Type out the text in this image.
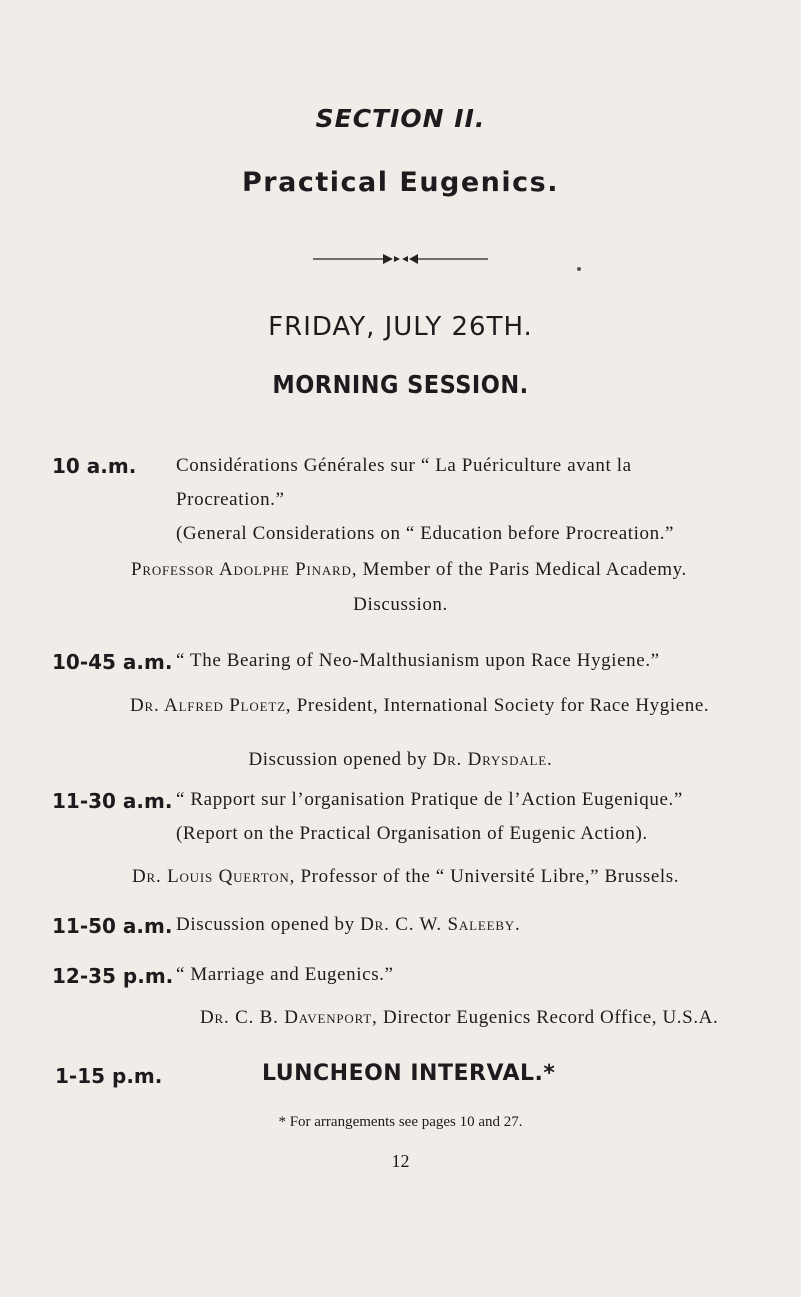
SECTION II.
Practical Eugenics.
FRIDAY, JULY 26TH.
MORNING SESSION.
10 a.m. Considérations Générales sur “ La Puériculture avant la
Procreation.”
(General Considerations on “ Education before Procreation.”
Professor Adolphe Pinard, Member of the Paris Medical Academy.
Discussion.
10-45 a.m. “ The Bearing of Neo-Malthusianism upon Race Hygiene.”
Dr. Alfred Ploetz, President, International Society for Race Hygiene.
Discussion opened by Dr. Drysdale.
11-30 a.m. “ Rapport sur l’organisation Pratique de l’Action Eugenique.”
(Report on the Practical Organisation of Eugenic Action).
Dr. Louis Querton, Professor of the “ Université Libre,” Brussels.
11-50 a.m. Discussion opened by Dr. C. W. Saleeby.
12-35 p.m. “ Marriage and Eugenics.”
Dr. C. B. Davenport, Director Eugenics Record Office, U.S.A.
1-15 p.m.	LUNCHEON INTERVAL.*
* For arrangements see pages 10 and 27.
12
